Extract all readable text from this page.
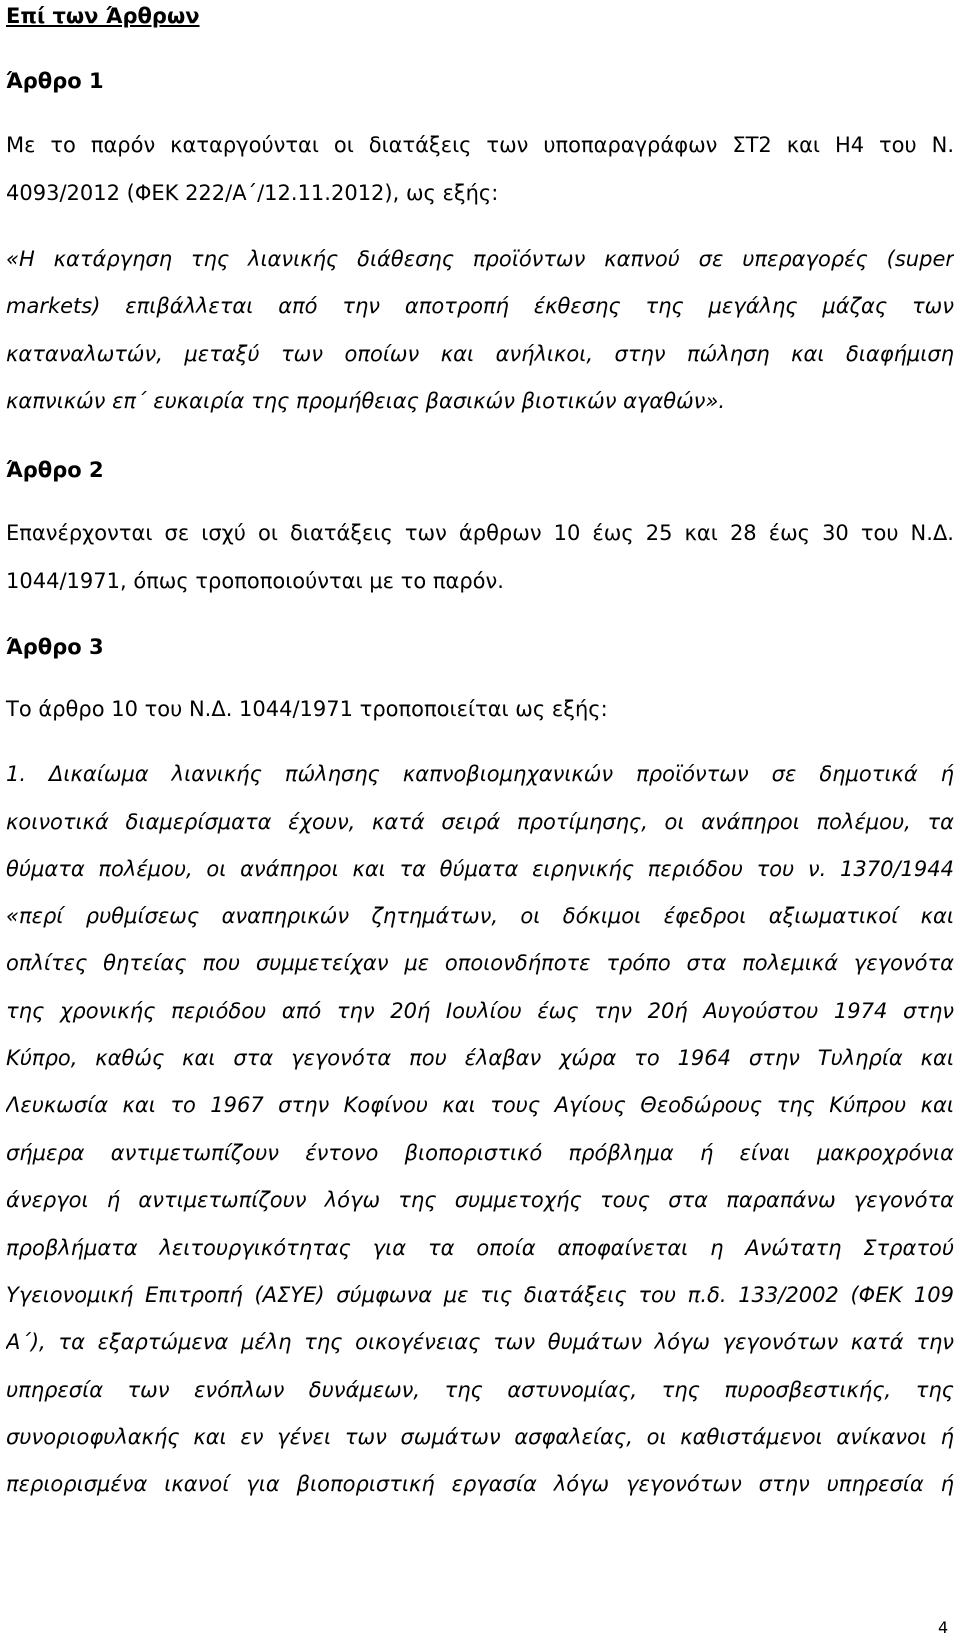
Επί των Άρθρων
Άρθρο 1
Με το παρόν καταργούνται οι διατάξεις των υποπαραγράφων ΣΤ2 και Η4 του Ν.
4093/2012 (ΦΕΚ 222/Α΄/12.11.2012), ως εξής:
«Η κατάργηση της λιανικής διάθεσης προϊόντων καπνού σε υπεραγορές (super
markets) επιβάλλεται από την αποτροπή έκθεσης της μεγάλης μάζας των
καταναλωτών, μεταξύ των οποίων και ανήλικοι, στην πώληση και διαφήμιση
καπνικών επ΄ ευκαιρία της προμήθειας βασικών βιοτικών αγαθών».
Άρθρο 2
Επανέρχονται σε ισχύ οι διατάξεις των άρθρων 10 έως 25 και 28 έως 30 του Ν.Δ.
1044/1971, όπως τροποποιούνται με το παρόν.
Άρθρο 3
Το άρθρο 10 του Ν.Δ. 1044/1971 τροποποιείται ως εξής:
1. Δικαίωμα λιανικής πώλησης καπνοβιομηχανικών προϊόντων σε δημοτικά ή
κοινοτικά διαμερίσματα έχουν, κατά σειρά προτίμησης, οι ανάπηροι πολέμου, τα
θύματα πολέμου, οι ανάπηροι και τα θύματα ειρηνικής περιόδου του ν. 1370/1944
«περί ρυθμίσεως αναπηρικών ζητημάτων, οι δόκιμοι έφεδροι αξιωματικοί και
οπλίτες θητείας που συμμετείχαν με οποιονδήποτε τρόπο στα πολεμικά γεγονότα
της χρονικής περιόδου από την 20ή Ιουλίου έως την 20ή Αυγούστου 1974 στην
Κύπρο, καθώς και στα γεγονότα που έλαβαν χώρα το 1964 στην Τυληρία και
Λευκωσία και το 1967 στην Κοφίνου και τους Αγίους Θεοδώρους της Κύπρου και
σήμερα αντιμετωπίζουν έντονο βιοποριστικό πρόβλημα ή είναι μακροχρόνια
άνεργοι ή αντιμετωπίζουν λόγω της συμμετοχής τους στα παραπάνω γεγονότα
προβλήματα λειτουργικότητας για τα οποία αποφαίνεται η Ανώτατη Στρατού
Υγειονομική Επιτροπή (ΑΣΥΕ) σύμφωνα με τις διατάξεις του π.δ. 133/2002 (ΦΕΚ 109
Α΄), τα εξαρτώμενα μέλη της οικογένειας των θυμάτων λόγω γεγονότων κατά την
υπηρεσία των ενόπλων δυνάμεων, της αστυνομίας, της πυροσβεστικής, της
συνοριοφυλακής και εν γένει των σωμάτων ασφαλείας, οι καθιστάμενοι ανίκανοι ή
περιορισμένα ικανοί για βιοποριστική εργασία λόγω γεγονότων στην υπηρεσία ή
4
